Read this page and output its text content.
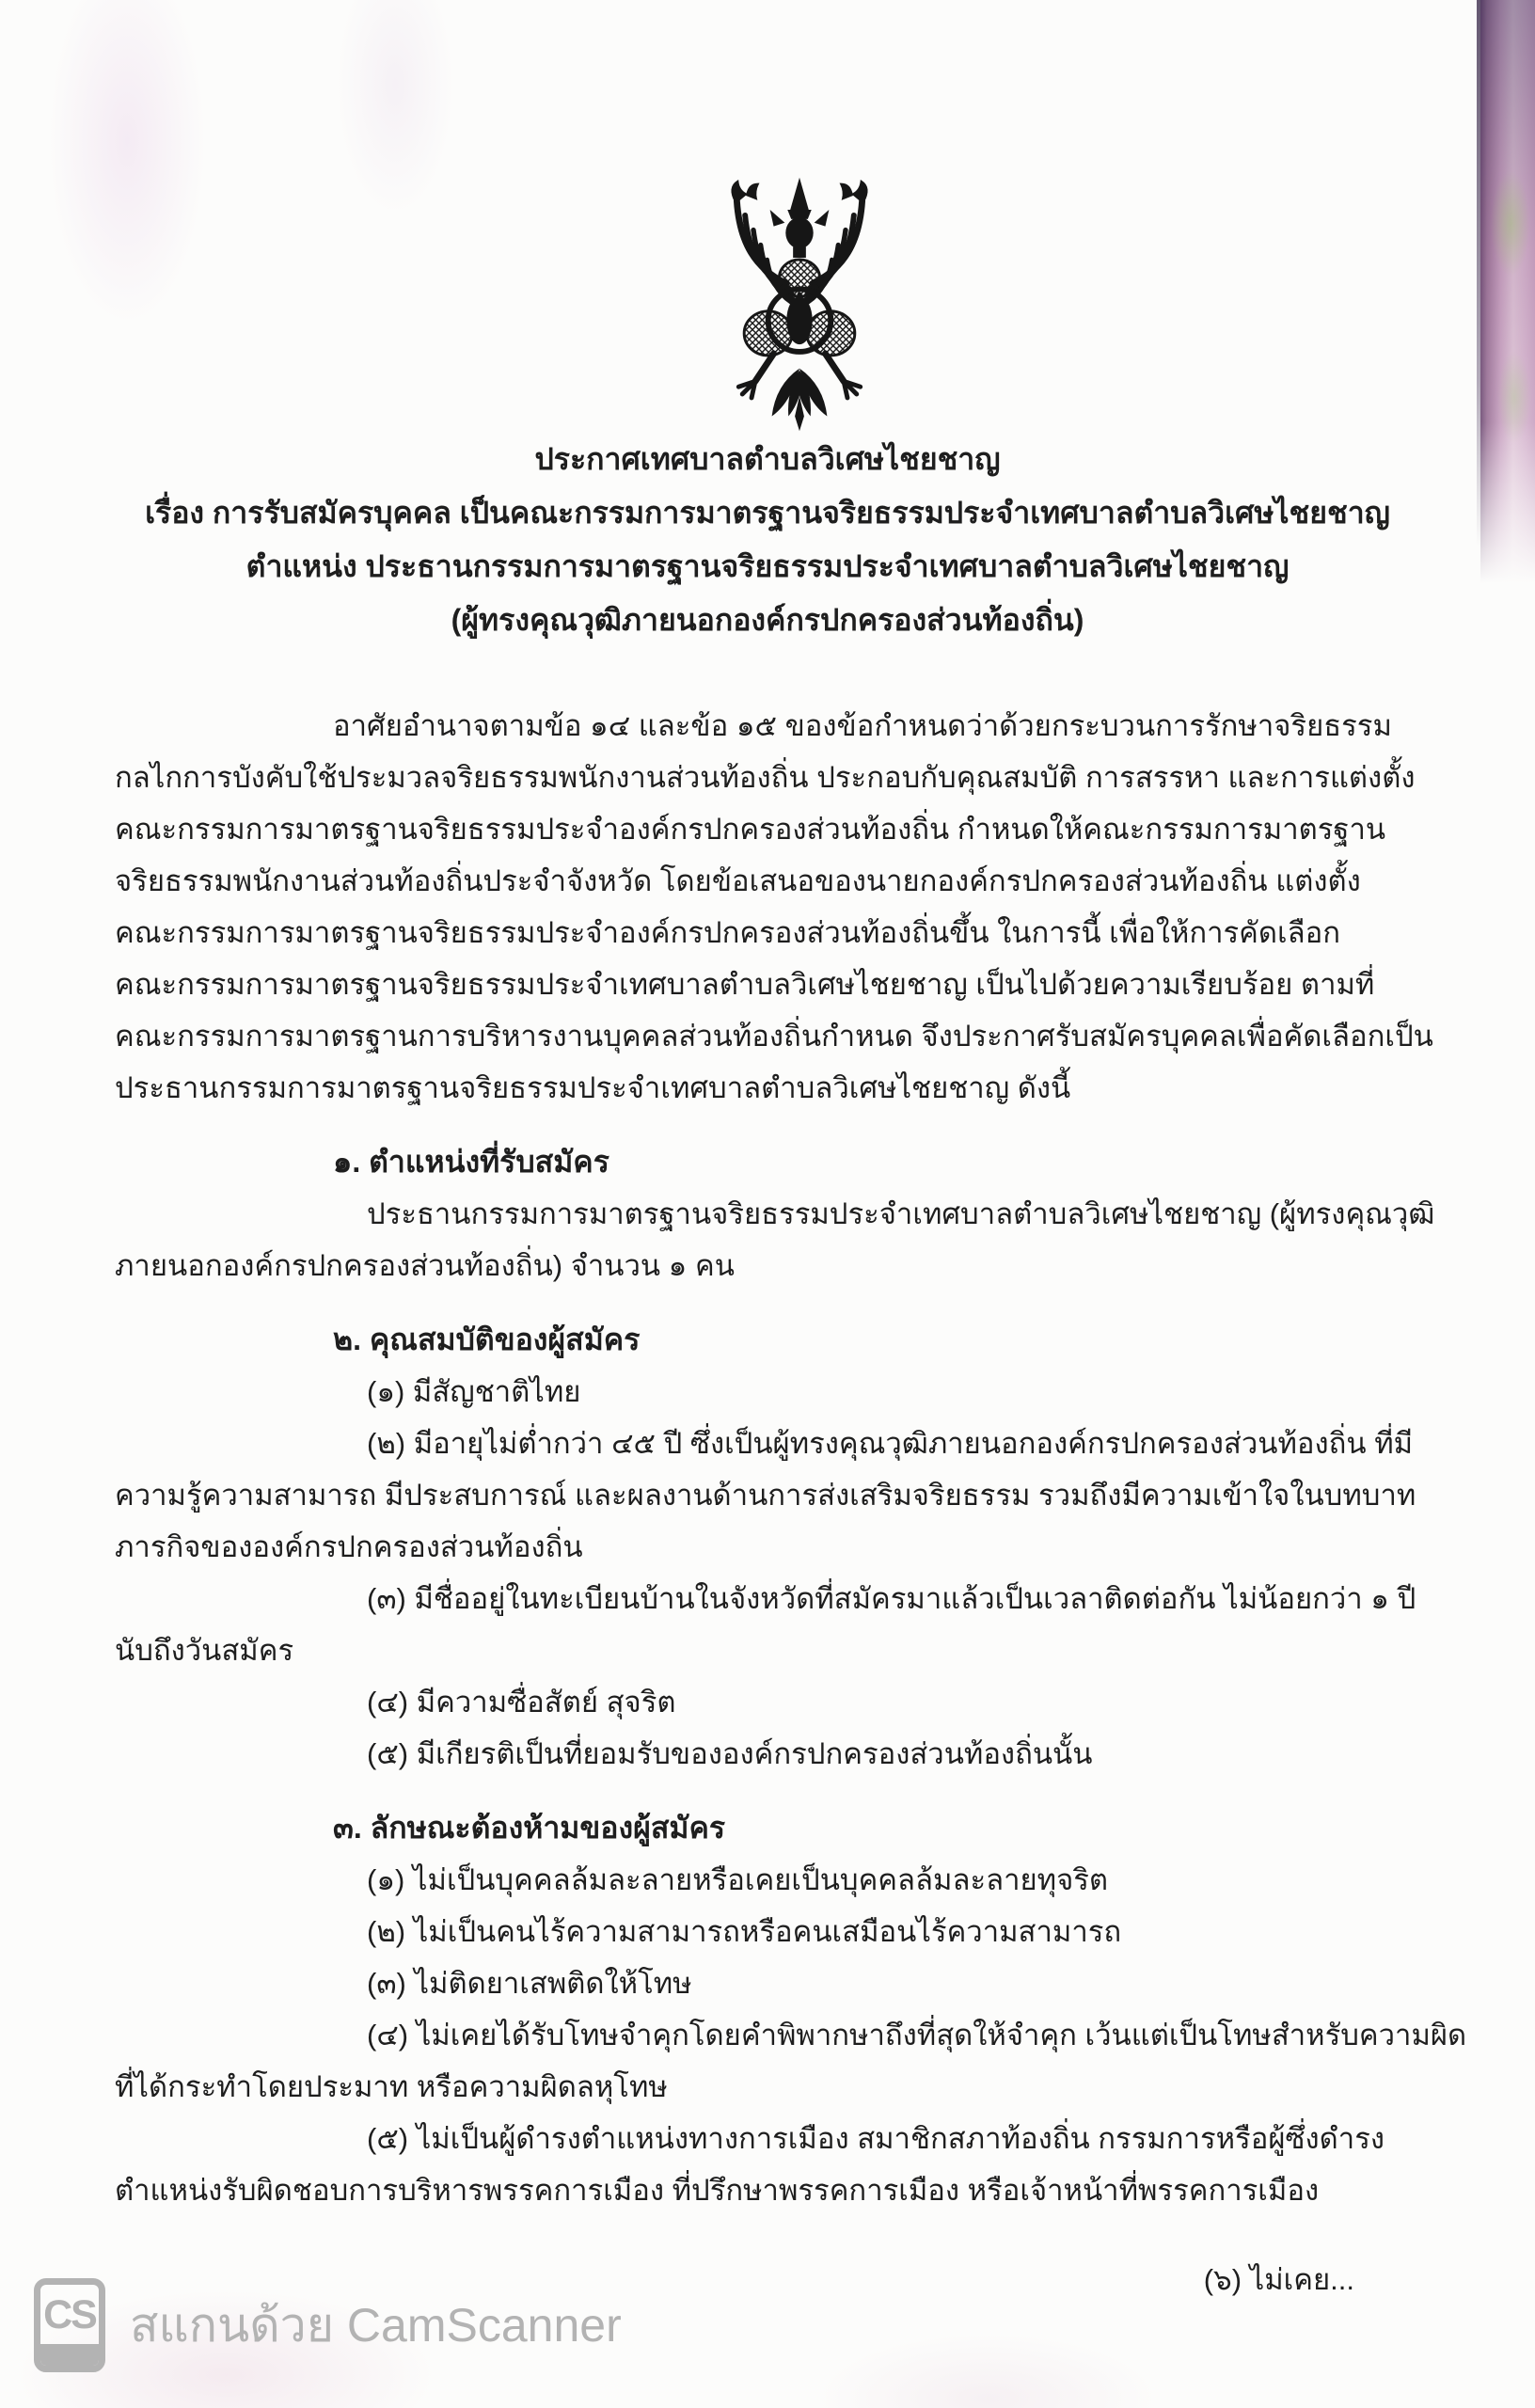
ประกาศเทศบาลตำบลวิเศษไชยชาญ
เรื่อง การรับสมัครบุคคล เป็นคณะกรรมการมาตรฐานจริยธรรมประจำเทศบาลตำบลวิเศษไชยชาญ
ตำแหน่ง ประธานกรรมการมาตรฐานจริยธรรมประจำเทศบาลตำบลวิเศษไชยชาญ
(ผู้ทรงคุณวุฒิภายนอกองค์กรปกครองส่วนท้องถิ่น)
อาศัยอำนาจตามข้อ ๑๔ และข้อ ๑๕ ของข้อกำหนดว่าด้วยกระบวนการรักษาจริยธรรม
กลไกการบังคับใช้ประมวลจริยธรรมพนักงานส่วนท้องถิ่น ประกอบกับคุณสมบัติ การสรรหา และการแต่งตั้ง
คณะกรรมการมาตรฐานจริยธรรมประจำองค์กรปกครองส่วนท้องถิ่น กำหนดให้คณะกรรมการมาตรฐาน
จริยธรรมพนักงานส่วนท้องถิ่นประจำจังหวัด โดยข้อเสนอของนายกองค์กรปกครองส่วนท้องถิ่น แต่งตั้ง
คณะกรรมการมาตรฐานจริยธรรมประจำองค์กรปกครองส่วนท้องถิ่นขึ้น ในการนี้ เพื่อให้การคัดเลือก
คณะกรรมการมาตรฐานจริยธรรมประจำเทศบาลตำบลวิเศษไชยชาญ เป็นไปด้วยความเรียบร้อย ตามที่
คณะกรรมการมาตรฐานการบริหารงานบุคคลส่วนท้องถิ่นกำหนด จึงประกาศรับสมัครบุคคลเพื่อคัดเลือกเป็น
ประธานกรรมการมาตรฐานจริยธรรมประจำเทศบาลตำบลวิเศษไชยชาญ ดังนี้
๑. ตำแหน่งที่รับสมัคร
ประธานกรรมการมาตรฐานจริยธรรมประจำเทศบาลตำบลวิเศษไชยชาญ (ผู้ทรงคุณวุฒิ
ภายนอกองค์กรปกครองส่วนท้องถิ่น) จำนวน ๑ คน
๒. คุณสมบัติของผู้สมัคร
(๑) มีสัญชาติไทย
(๒) มีอายุไม่ต่ำกว่า ๔๕ ปี ซึ่งเป็นผู้ทรงคุณวุฒิภายนอกองค์กรปกครองส่วนท้องถิ่น ที่มี
ความรู้ความสามารถ มีประสบการณ์ และผลงานด้านการส่งเสริมจริยธรรม รวมถึงมีความเข้าใจในบทบาท
ภารกิจขององค์กรปกครองส่วนท้องถิ่น
(๓) มีชื่ออยู่ในทะเบียนบ้านในจังหวัดที่สมัครมาแล้วเป็นเวลาติดต่อกัน ไม่น้อยกว่า ๑ ปี
นับถึงวันสมัคร
(๔) มีความซื่อสัตย์ สุจริต
(๕) มีเกียรติเป็นที่ยอมรับขององค์กรปกครองส่วนท้องถิ่นนั้น
๓. ลักษณะต้องห้ามของผู้สมัคร
(๑) ไม่เป็นบุคคลล้มละลายหรือเคยเป็นบุคคลล้มละลายทุจริต
(๒) ไม่เป็นคนไร้ความสามารถหรือคนเสมือนไร้ความสามารถ
(๓) ไม่ติดยาเสพติดให้โทษ
(๔) ไม่เคยได้รับโทษจำคุกโดยคำพิพากษาถึงที่สุดให้จำคุก เว้นแต่เป็นโทษสำหรับความผิด
ที่ได้กระทำโดยประมาท หรือความผิดลหุโทษ
(๕) ไม่เป็นผู้ดำรงตำแหน่งทางการเมือง สมาชิกสภาท้องถิ่น กรรมการหรือผู้ซึ่งดำรง
ตำแหน่งรับผิดชอบการบริหารพรรคการเมือง ที่ปรึกษาพรรคการเมือง หรือเจ้าหน้าที่พรรคการเมือง
(๖) ไม่เคย...
CS สแกนด้วย CamScanner
